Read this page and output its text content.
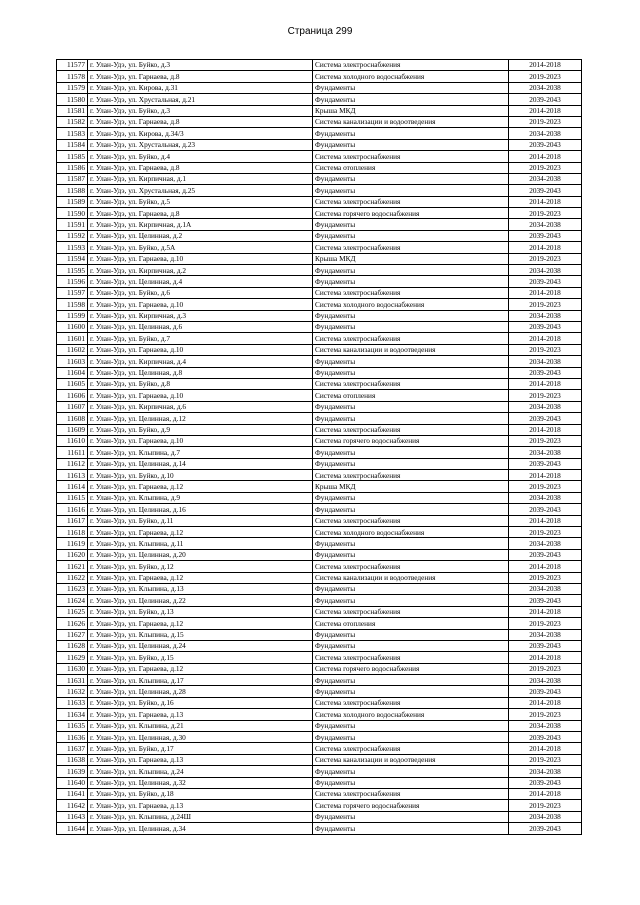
Страница 299
11577	г. Улан-Удэ, ул. Буйко, д.3	Система электроснабжения	2014-2018
11578	г. Улан-Удэ, ул. Гарнаева, д.8	Система холодного водоснабжения	2019-2023
11579	г. Улан-Удэ, ул. Кирова, д.31	Фундаменты	2034-2038
11580	г. Улан-Удэ, ул. Хрустальная, д.21	Фундаменты	2039-2043
11581	г. Улан-Удэ, ул. Буйко, д.3	Крыша МКД	2014-2018
11582	г. Улан-Удэ, ул. Гарнаева, д.8	Система канализации и водоотведения	2019-2023
11583	г. Улан-Удэ, ул. Кирова, д.34/3	Фундаменты	2034-2038
11584	г. Улан-Удэ, ул. Хрустальная, д.23	Фундаменты	2039-2043
11585	г. Улан-Удэ, ул. Буйко, д.4	Система электроснабжения	2014-2018
11586	г. Улан-Удэ, ул. Гарнаева, д.8	Система отопления	2019-2023
11587	г. Улан-Удэ, ул. Кирпичная, д.1	Фундаменты	2034-2038
11588	г. Улан-Удэ, ул. Хрустальная, д.25	Фундаменты	2039-2043
11589	г. Улан-Удэ, ул. Буйко, д.5	Система электроснабжения	2014-2018
11590	г. Улан-Удэ, ул. Гарнаева, д.8	Система горячего водоснабжения	2019-2023
11591	г. Улан-Удэ, ул. Кирпичная, д.1А	Фундаменты	2034-2038
11592	г. Улан-Удэ, ул. Целинная, д.2	Фундаменты	2039-2043
11593	г. Улан-Удэ, ул. Буйко, д.5А	Система электроснабжения	2014-2018
11594	г. Улан-Удэ, ул. Гарнаева, д.10	Крыша МКД	2019-2023
11595	г. Улан-Удэ, ул. Кирпичная, д.2	Фундаменты	2034-2038
11596	г. Улан-Удэ, ул. Целинная, д.4	Фундаменты	2039-2043
11597	г. Улан-Удэ, ул. Буйко, д.6	Система электроснабжения	2014-2018
11598	г. Улан-Удэ, ул. Гарнаева, д.10	Система холодного водоснабжения	2019-2023
11599	г. Улан-Удэ, ул. Кирпичная, д.3	Фундаменты	2034-2038
11600	г. Улан-Удэ, ул. Целинная, д.6	Фундаменты	2039-2043
11601	г. Улан-Удэ, ул. Буйко, д.7	Система электроснабжения	2014-2018
11602	г. Улан-Удэ, ул. Гарнаева, д.10	Система канализации и водоотведения	2019-2023
11603	г. Улан-Удэ, ул. Кирпичная, д.4	Фундаменты	2034-2038
11604	г. Улан-Удэ, ул. Целинная, д.8	Фундаменты	2039-2043
11605	г. Улан-Удэ, ул. Буйко, д.8	Система электроснабжения	2014-2018
11606	г. Улан-Удэ, ул. Гарнаева, д.10	Система отопления	2019-2023
11607	г. Улан-Удэ, ул. Кирпичная, д.6	Фундаменты	2034-2038
11608	г. Улан-Удэ, ул. Целинная, д.12	Фундаменты	2039-2043
11609	г. Улан-Удэ, ул. Буйко, д.9	Система электроснабжения	2014-2018
11610	г. Улан-Удэ, ул. Гарнаева, д.10	Система горячего водоснабжения	2019-2023
11611	г. Улан-Удэ, ул. Клыпина, д.7	Фундаменты	2034-2038
11612	г. Улан-Удэ, ул. Целинная, д.14	Фундаменты	2039-2043
11613	г. Улан-Удэ, ул. Буйко, д.10	Система электроснабжения	2014-2018
11614	г. Улан-Удэ, ул. Гарнаева, д.12	Крыша МКД	2019-2023
11615	г. Улан-Удэ, ул. Клыпина, д.9	Фундаменты	2034-2038
11616	г. Улан-Удэ, ул. Целинная, д.16	Фундаменты	2039-2043
11617	г. Улан-Удэ, ул. Буйко, д.11	Система электроснабжения	2014-2018
11618	г. Улан-Удэ, ул. Гарнаева, д.12	Система холодного водоснабжения	2019-2023
11619	г. Улан-Удэ, ул. Клыпина, д.11	Фундаменты	2034-2038
11620	г. Улан-Удэ, ул. Целинная, д.20	Фундаменты	2039-2043
11621	г. Улан-Удэ, ул. Буйко, д.12	Система электроснабжения	2014-2018
11622	г. Улан-Удэ, ул. Гарнаева, д.12	Система канализации и водоотведения	2019-2023
11623	г. Улан-Удэ, ул. Клыпина, д.13	Фундаменты	2034-2038
11624	г. Улан-Удэ, ул. Целинная, д.22	Фундаменты	2039-2043
11625	г. Улан-Удэ, ул. Буйко, д.13	Система электроснабжения	2014-2018
11626	г. Улан-Удэ, ул. Гарнаева, д.12	Система отопления	2019-2023
11627	г. Улан-Удэ, ул. Клыпина, д.15	Фундаменты	2034-2038
11628	г. Улан-Удэ, ул. Целинная, д.24	Фундаменты	2039-2043
11629	г. Улан-Удэ, ул. Буйко, д.15	Система электроснабжения	2014-2018
11630	г. Улан-Удэ, ул. Гарнаева, д.12	Система горячего водоснабжения	2019-2023
11631	г. Улан-Удэ, ул. Клыпина, д.17	Фундаменты	2034-2038
11632	г. Улан-Удэ, ул. Целинная, д.28	Фундаменты	2039-2043
11633	г. Улан-Удэ, ул. Буйко, д.16	Система электроснабжения	2014-2018
11634	г. Улан-Удэ, ул. Гарнаева, д.13	Система холодного водоснабжения	2019-2023
11635	г. Улан-Удэ, ул. Клыпина, д.21	Фундаменты	2034-2038
11636	г. Улан-Удэ, ул. Целинная, д.30	Фундаменты	2039-2043
11637	г. Улан-Удэ, ул. Буйко, д.17	Система электроснабжения	2014-2018
11638	г. Улан-Удэ, ул. Гарнаева, д.13	Система канализации и водоотведения	2019-2023
11639	г. Улан-Удэ, ул. Клыпина, д.24	Фундаменты	2034-2038
11640	г. Улан-Удэ, ул. Целинная, д.32	Фундаменты	2039-2043
11641	г. Улан-Удэ, ул. Буйко, д.18	Система электроснабжения	2014-2018
11642	г. Улан-Удэ, ул. Гарнаева, д.13	Система горячего водоснабжения	2019-2023
11643	г. Улан-Удэ, ул. Клыпина, д.24Ш	Фундаменты	2034-2038
11644	г. Улан-Удэ, ул. Целинная, д.34	Фундаменты	2039-2043
